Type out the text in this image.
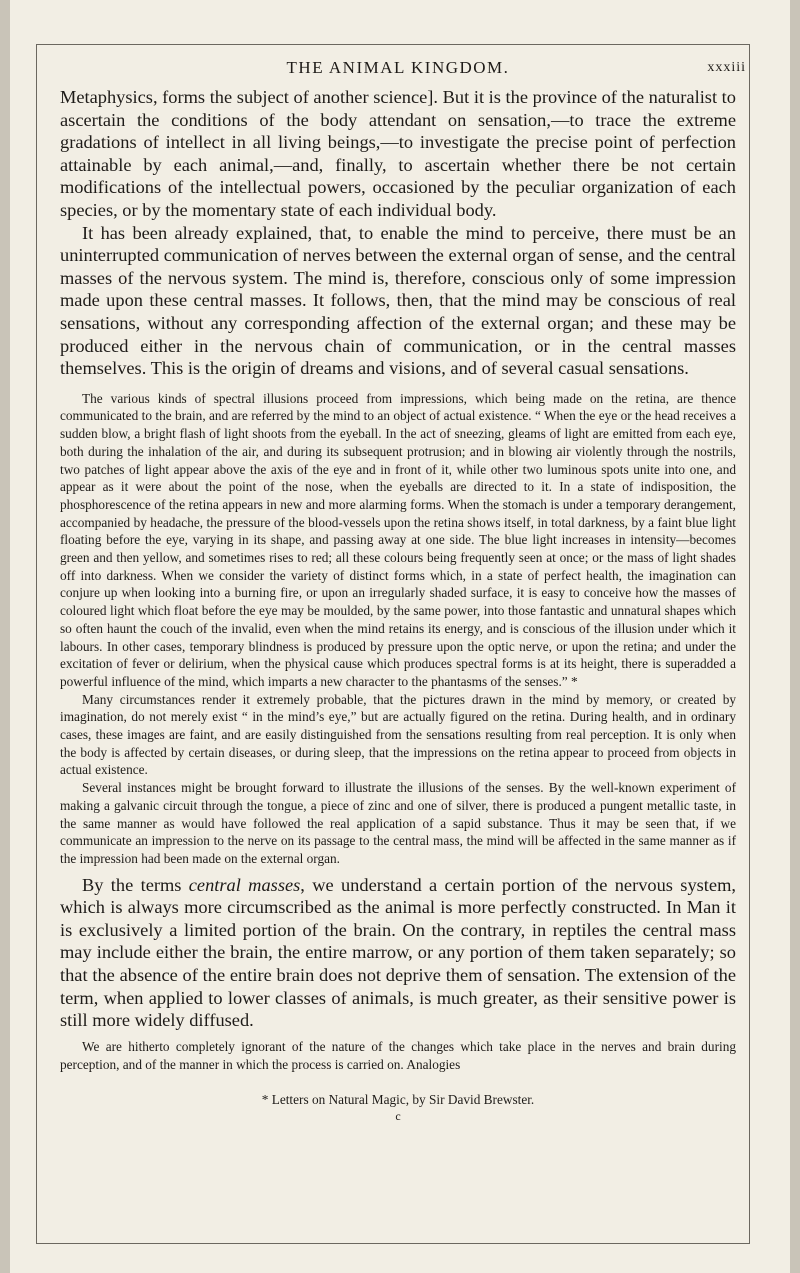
THE ANIMAL KINGDOM.	xxxiii

Metaphysics, forms the subject of another science]. But it is the province of the naturalist to ascertain the conditions of the body attendant on sensation,—to trace the extreme gradations of intellect in all living beings,—to investigate the precise point of perfection attainable by each animal,—and, finally, to ascertain whether there be not certain modifications of the intellectual powers, occasioned by the peculiar organization of each species, or by the momentary state of each individual body.

It has been already explained, that, to enable the mind to perceive, there must be an uninterrupted communication of nerves between the external organ of sense, and the central masses of the nervous system. The mind is, therefore, conscious only of some impression made upon these central masses. It follows, then, that the mind may be conscious of real sensations, without any corresponding affection of the external organ; and these may be produced either in the nervous chain of communication, or in the central masses themselves. This is the origin of dreams and visions, and of several casual sensations.

The various kinds of spectral illusions proceed from impressions, which being made on the retina, are thence communicated to the brain, and are referred by the mind to an object of actual existence. “ When the eye or the head receives a sudden blow, a bright flash of light shoots from the eyeball. In the act of sneezing, gleams of light are emitted from each eye, both during the inhalation of the air, and during its subsequent protrusion; and in blowing air violently through the nostrils, two patches of light appear above the axis of the eye and in front of it, while other two luminous spots unite into one, and appear as it were about the point of the nose, when the eyeballs are directed to it. In a state of indisposition, the phosphorescence of the retina appears in new and more alarming forms. When the stomach is under a temporary derangement, accompanied by headache, the pressure of the blood-vessels upon the retina shows itself, in total darkness, by a faint blue light floating before the eye, varying in its shape, and passing away at one side. The blue light increases in intensity—becomes green and then yellow, and sometimes rises to red; all these colours being frequently seen at once; or the mass of light shades off into darkness. When we consider the variety of distinct forms which, in a state of perfect health, the imagination can conjure up when looking into a burning fire, or upon an irregularly shaded surface, it is easy to conceive how the masses of coloured light which float before the eye may be moulded, by the same power, into those fantastic and unnatural shapes which so often haunt the couch of the invalid, even when the mind retains its energy, and is conscious of the illusion under which it labours. In other cases, temporary blindness is produced by pressure upon the optic nerve, or upon the retina; and under the excitation of fever or delirium, when the physical cause which produces spectral forms is at its height, there is superadded a powerful influence of the mind, which imparts a new character to the phantasms of the senses.” *

Many circumstances render it extremely probable, that the pictures drawn in the mind by memory, or created by imagination, do not merely exist “ in the mind’s eye,” but are actually figured on the retina. During health, and in ordinary cases, these images are faint, and are easily distinguished from the sensations resulting from real perception. It is only when the body is affected by certain diseases, or during sleep, that the impressions on the retina appear to proceed from objects in actual existence.

Several instances might be brought forward to illustrate the illusions of the senses. By the well-known experiment of making a galvanic circuit through the tongue, a piece of zinc and one of silver, there is produced a pungent metallic taste, in the same manner as would have followed the real application of a sapid substance. Thus it may be seen that, if we communicate an impression to the nerve on its passage to the central mass, the mind will be affected in the same manner as if the impression had been made on the external organ.

By the terms central masses, we understand a certain portion of the nervous system, which is always more circumscribed as the animal is more perfectly constructed. In Man it is exclusively a limited portion of the brain. On the contrary, in reptiles the central mass may include either the brain, the entire marrow, or any portion of them taken separately; so that the absence of the entire brain does not deprive them of sensation. The extension of the term, when applied to lower classes of animals, is much greater, as their sensitive power is still more widely diffused.

We are hitherto completely ignorant of the nature of the changes which take place in the nerves and brain during perception, and of the manner in which the process is carried on. Analogies

* Letters on Natural Magic, by Sir David Brewster.
c
